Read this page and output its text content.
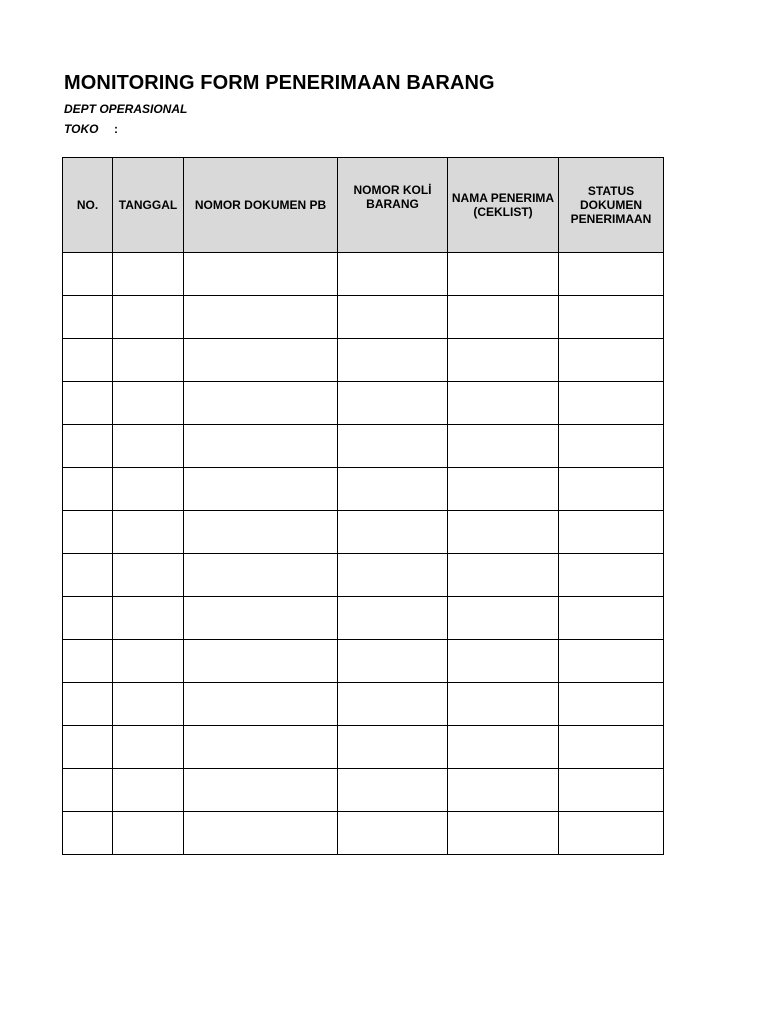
MONITORING FORM PENERIMAAN BARANG
DEPT OPERASIONAL
TOKO :
NO.	TANGGAL	NOMOR DOKUMEN PB	NOMOR KOLİ BARANG	NAMA PENERIMA (CEKLIST)	STATUS DOKUMEN PENERIMAAN
